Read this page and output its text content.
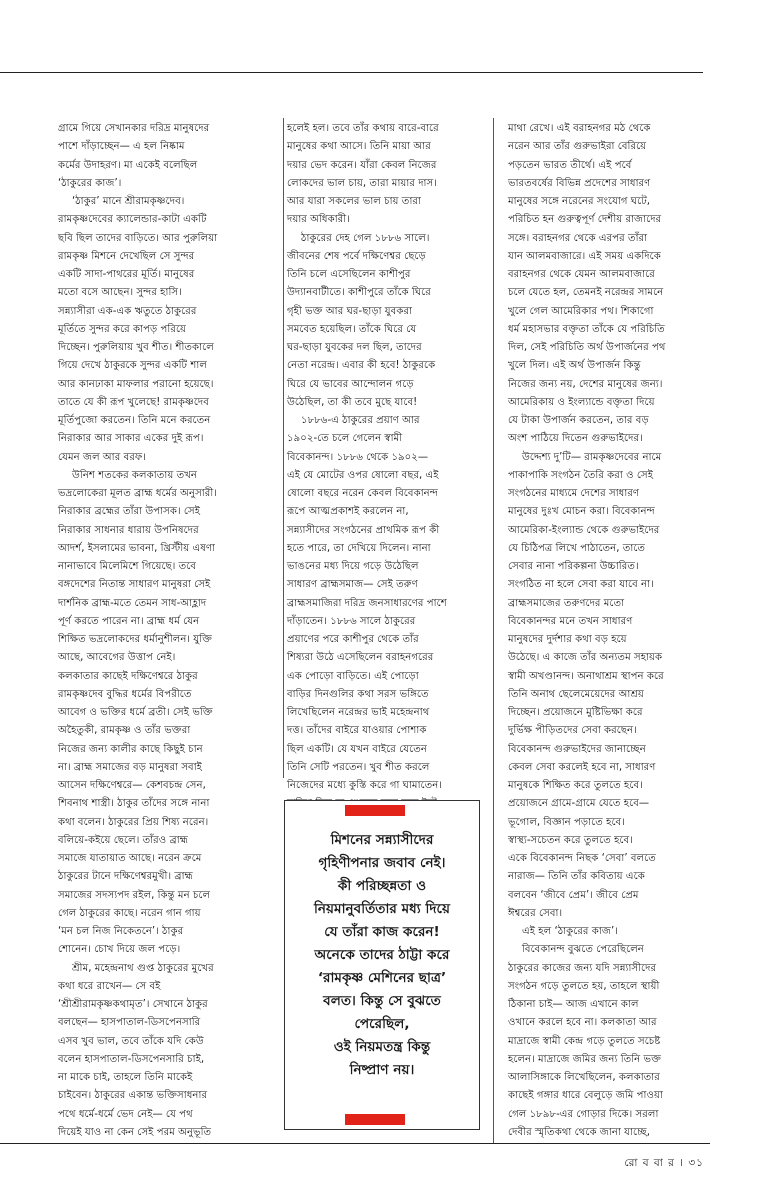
গ্রামে গিয়ে সেখানকার দরিদ্র মানুষদের

পাশে দাঁড়াচ্ছেন— এ হল নিষ্কাম

কর্মের উদাহরণ। মা একেই বলেছিল

‘ঠাকুরের কাজ’।

‘ঠাকুর’ মানে শ্রীরামকৃষ্ণদেব।

রামকৃষ্ণদেবের ক্যালেন্ডার-কাটা একটি

ছবি ছিল তাদের বাড়িতে। আর পুরুলিয়া

রামকৃষ্ণ মিশনে দেখেছিল সে সুন্দর

একটি সাদা-পাথরের মূর্তি। মানুষের

মতো বসে আছেন। সুন্দর হাসি।

সন্ন্যাসীরা এক-এক ঋতুতে ঠাকুরের

মূর্তিতে সুন্দর করে কাপড় পরিয়ে

দিচ্ছেন। পুরুলিয়ায় খুব শীত। শীতকালে

গিয়ে দেখে ঠাকুরকে সুন্দর একটি শাল

আর কানঢাকা মাফলার পরানো হয়েছে।

তাতে যে কী রূপ খুলেছে! রামকৃষ্ণদেব

মূর্তিপুজো করতেন। তিনি মনে করতেন

নিরাকার আর সাকার একের দুই রূপ।

যেমন জল আর বরফ।

উনিশ শতকের কলকাতায় তখন

ভদ্রলোকেরা মূলত ব্রাহ্ম ধর্মের অনুসারী।

নিরাকার ব্রহ্মের তাঁরা উপাসক। সেই

নিরাকার সাধনার ধারায় উপনিষদের

আদর্শ, ইসলামের ভাবনা, খ্রিস্টীয় এষণা

নানাভাবে মিলেমিশে গিয়েছে। তবে

বঙ্গদেশের নিতান্ত সাধারণ মানুষরা সেই

দার্শনিক ব্রাহ্ম-মতে তেমন সাধ-আহ্লাদ

পূর্ণ করতে পারেন না। ব্রাহ্ম ধর্ম যেন

শিক্ষিত ভদ্রলোকদের ধর্মানুশীলন। যুক্তি

আছে, আবেগের উত্তাপ নেই।

কলকাতার কাছেই দক্ষিণেশ্বরে ঠাকুর

রামকৃষ্ণদেব বুদ্ধির ধর্মের বিপরীতে

আবেগ ও ভক্তির ধর্মে ব্রতী। সেই ভক্তি

অহৈতুকী, রামকৃষ্ণ ও তাঁর ভক্তরা

নিজের জন্য কালীর কাছে কিছুই চান

না। ব্রাহ্ম সমাজের বড় মানুষরা সবাই

আসেন দক্ষিণেশ্বরে— কেশবচন্দ্র সেন,

শিবনাথ শাস্ত্রী। ঠাকুর তাঁদের সঙ্গে নানা

কথা বলেন। ঠাকুরের প্রিয় শিষ্য নরেন।

বলিয়ে-কইয়ে ছেলে। তাঁরও ব্রাহ্ম

সমাজে যাতায়াত আছে। নরেন ক্রমে

ঠাকুরের টানে দক্ষিণেশ্বরমুখী। ব্রাহ্ম

সমাজের সদস্যপদ রইল, কিন্তু মন চলে

গেল ঠাকুরের কাছে। নরেন গান গায়

‘মন চল নিজ নিকেতনে’। ঠাকুর

শোনেন। চোখ দিয়ে জল পড়ে।

শ্রীম, মহেন্দ্রনাথ গুপ্ত ঠাকুরের মুখের

কথা ধরে রাখেন— সে বই

‘শ্রীশ্রীরামকৃষ্ণকথামৃত’। সেখানে ঠাকুর

বলছেন— হাসপাতাল-ডিসপেনসারি

এসব খুব ভাল, তবে তাঁকে যদি কেউ

বলেন হাসপাতাল-ডিসপেনসারি চাই,

না মাকে চাই, তাহলে তিনি মাকেই

চাইবেন। ঠাকুরের একান্ত ভক্তিসাধনার

পথে ধর্মে-ধর্মে ভেদ নেই— যে পথ

দিয়েই যাও না কেন সেই পরম অনুভূতি

হলেই হল। তবে তাঁর কথায় বারে-বারে

মানুষের কথা আসে। তিনি মায়া আর

দয়ার ভেদ করেন। যাঁরা কেবল নিজের

লোকদের ভাল চায়, তারা মায়ার দাস।

আর যারা সকলের ভাল চায় তারা

দয়ার অধিকারী।

ঠাকুরের দেহ গেল ১৮৮৬ সালে।

জীবনের শেষ পর্বে দক্ষিণেশ্বর ছেড়ে

তিনি চলে এসেছিলেন কাশীপুর

উদ্যানবাটীতে। কাশীপুরে তাঁকে ঘিরে

গৃহী ভক্ত আর ঘর-ছাড়া যুবকরা

সমবেত হয়েছিল। তাঁকে ঘিরে যে

ঘর-ছাড়া যুবকের দল ছিল, তাদের

নেতা নরেন্দ্র। এবার কী হবে! ঠাকুরকে

ঘিরে যে ভাবের আন্দোলন গড়ে

উঠেছিল, তা কী তবে মুছে যাবে!

১৮৮৬-এ ঠাকুরের প্রয়াণ আর

১৯০২-তে চলে গেলেন স্বামী

বিবেকানন্দ। ১৮৮৬ থেকে ১৯০২—

এই যে মোটের ওপর ষোলো বছর, এই

ষোলো বছরে নরেন কেবল বিবেকানন্দ

রূপে আত্মপ্রকাশই করলেন না,

সন্ন্যাসীদের সংগঠনের প্রাথমিক রূপ কী

হতে পারে, তা দেখিয়ে দিলেন। নানা

ভাঙনের মধ্য দিয়ে গড়ে উঠেছিল

সাধারণ ব্রাহ্মসমাজ— সেই তরুণ

ব্রাহ্মসমাজিরা দরিদ্র জনসাধারণের পাশে

দাঁড়াতেন। ১৮৮৬ সালে ঠাকুরের

প্রয়াণের পরে কাশীপুর থেকে তাঁর

শিষ্যরা উঠে এসেছিলেন বরাহনগরের

এক পোড়ো বাড়িতে। এই পোড়ো

বাড়ির দিনগুলির কথা সরস ভঙ্গিতে

লিখেছিলেন নরেন্দ্রর ভাই মহেন্দ্রনাথ

দত্ত। তাঁদের বাইরে যাওয়ার পোশাক

ছিল একটি। যে যখন বাইরে যেতেন

তিনি সেটি পরতেন। খুব শীত করলে

নিজেদের মধ্যে কুস্তি করে গা ঘামাতেন।

মাথা রেখে। এই বরাহনগর মঠ থেকে

নরেন আর তাঁর গুরুভাইরা বেরিয়ে

পড়তেন ভারত তীর্থে। এই পর্বে

ভারতবর্ষের বিভিন্ন প্রদেশের সাধারণ

মানুষের সঙ্গে নরেনের সংযোগ ঘটে,

পরিচিত হন গুরুত্বপূর্ণ দেশীয় রাজাদের

সঙ্গে। বরাহনগর থেকে এরপর তাঁরা

যান আলমবাজারে। এই সময় একদিকে

বরাহনগর থেকে যেমন আলমবাজারে

চলে যেতে হল, তেমনই নরেন্দ্রর সামনে

খুলে গেল আমেরিকার পথ। শিকাগো

ধর্ম মহাসভার বক্তৃতা তাঁকে যে পরিচিতি

দিল, সেই পরিচিতি অর্থ উপার্জনের পথ

খুলে দিল। এই অর্থ উপার্জন কিন্তু

নিজের জন্য নয়, দেশের মানুষের জন্য।

আমেরিকায় ও ইংল্যান্ডে বক্তৃতা দিয়ে

যে টাকা উপার্জন করতেন, তার বড়

অংশ পাঠিয়ে দিতেন গুরুভাইদের।

উদ্দেশ্য দু’টি— রামকৃষ্ণদেবের নামে

পাকাপাকি সংগঠন তৈরি করা ও সেই

সংগঠনের মাধ্যমে দেশের সাধারণ

মানুষের দুঃখ মোচন করা। বিবেকানন্দ

আমেরিকা-ইংল্যান্ড থেকে গুরুভাইদের

যে চিঠিপত্র লিখে পাঠাতেন, তাতে

সেবার নানা পরিকল্পনা উচ্চারিত।

সংগঠিত না হলে সেবা করা যাবে না।

ব্রাহ্মসমাজের তরুণদের মতো

বিবেকানন্দর মনে তখন সাধারণ

মানুষদের দুর্দশার কথা বড় হয়ে

উঠেছে। এ কাজে তাঁর অন্যতম সহায়ক

স্বামী অখণ্ডানন্দ। অনাথাশ্রম স্থাপন করে

তিনি অনাথ ছেলেমেয়েদের আশ্রয়

দিচ্ছেন। প্রয়োজনে মুষ্টিভিক্ষা করে

দুর্ভিক্ষ পীড়িতদের সেবা করছেন।

বিবেকানন্দ গুরুভাইদের জানাচ্ছেন

কেবল সেবা করলেই হবে না, সাধারণ

মানুষকে শিক্ষিত করে তুলতে হবে।

প্রয়োজনে গ্রামে-গ্রামে যেতে হবে—

ভূগোল, বিজ্ঞান পড়াতে হবে।

স্বাস্থ্য-সচেতন করে তুলতে হবে।

একে বিবেকানন্দ নিছক ‘সেবা’ বলতে

নারাজ— তিনি তাঁর কবিতায় একে

বলবেন ‘জীবে প্রেম’। জীবে প্রেম

ঈশ্বরের সেবা।

এই হল ‘ঠাকুরের কাজ’।

বিবেকানন্দ বুঝতে পেরেছিলেন

ঠাকুরের কাজের জন্য যদি সন্ন্যাসীদের

সংগঠন গড়ে তুলতে হয়, তাহলে স্থায়ী

ঠিকানা চাই— আজ এখানে কাল

ওখানে করলে হবে না। কলকাতা আর

মাদ্রাজে স্বামী কেন্দ্র গড়ে তুলতে সচেষ্ট

হলেন। মাদ্রাজে জমির জন্য তিনি ভক্ত

আলাসিঙ্গাকে লিখেছিলেন, কলকাতার

কাছেই গঙ্গার ধারে বেলুড়ে জমি পাওয়া

গেল ১৮৯৮-এর গোড়ার দিকে। সরলা

দেবীর স্মৃতিকথা থেকে জানা যাচ্ছে,

মিশনের সন্ন্যাসীদের

গৃহিণীপনার জবাব নেই।

কী পরিচ্ছন্নতা ও

নিয়মানুবর্তিতার মধ্য দিয়ে

যে তাঁরা কাজ করেন!

অনেকে তাদের ঠাট্টা করে

‘রামকৃষ্ণ মেশিনের ছাত্র’

বলত। কিন্তু সে বুঝতে

পেরেছিল,

ওই নিয়মতন্ত্র কিন্তু

নিষ্প্রাণ নয়।

রো ব বা র । ৩১
